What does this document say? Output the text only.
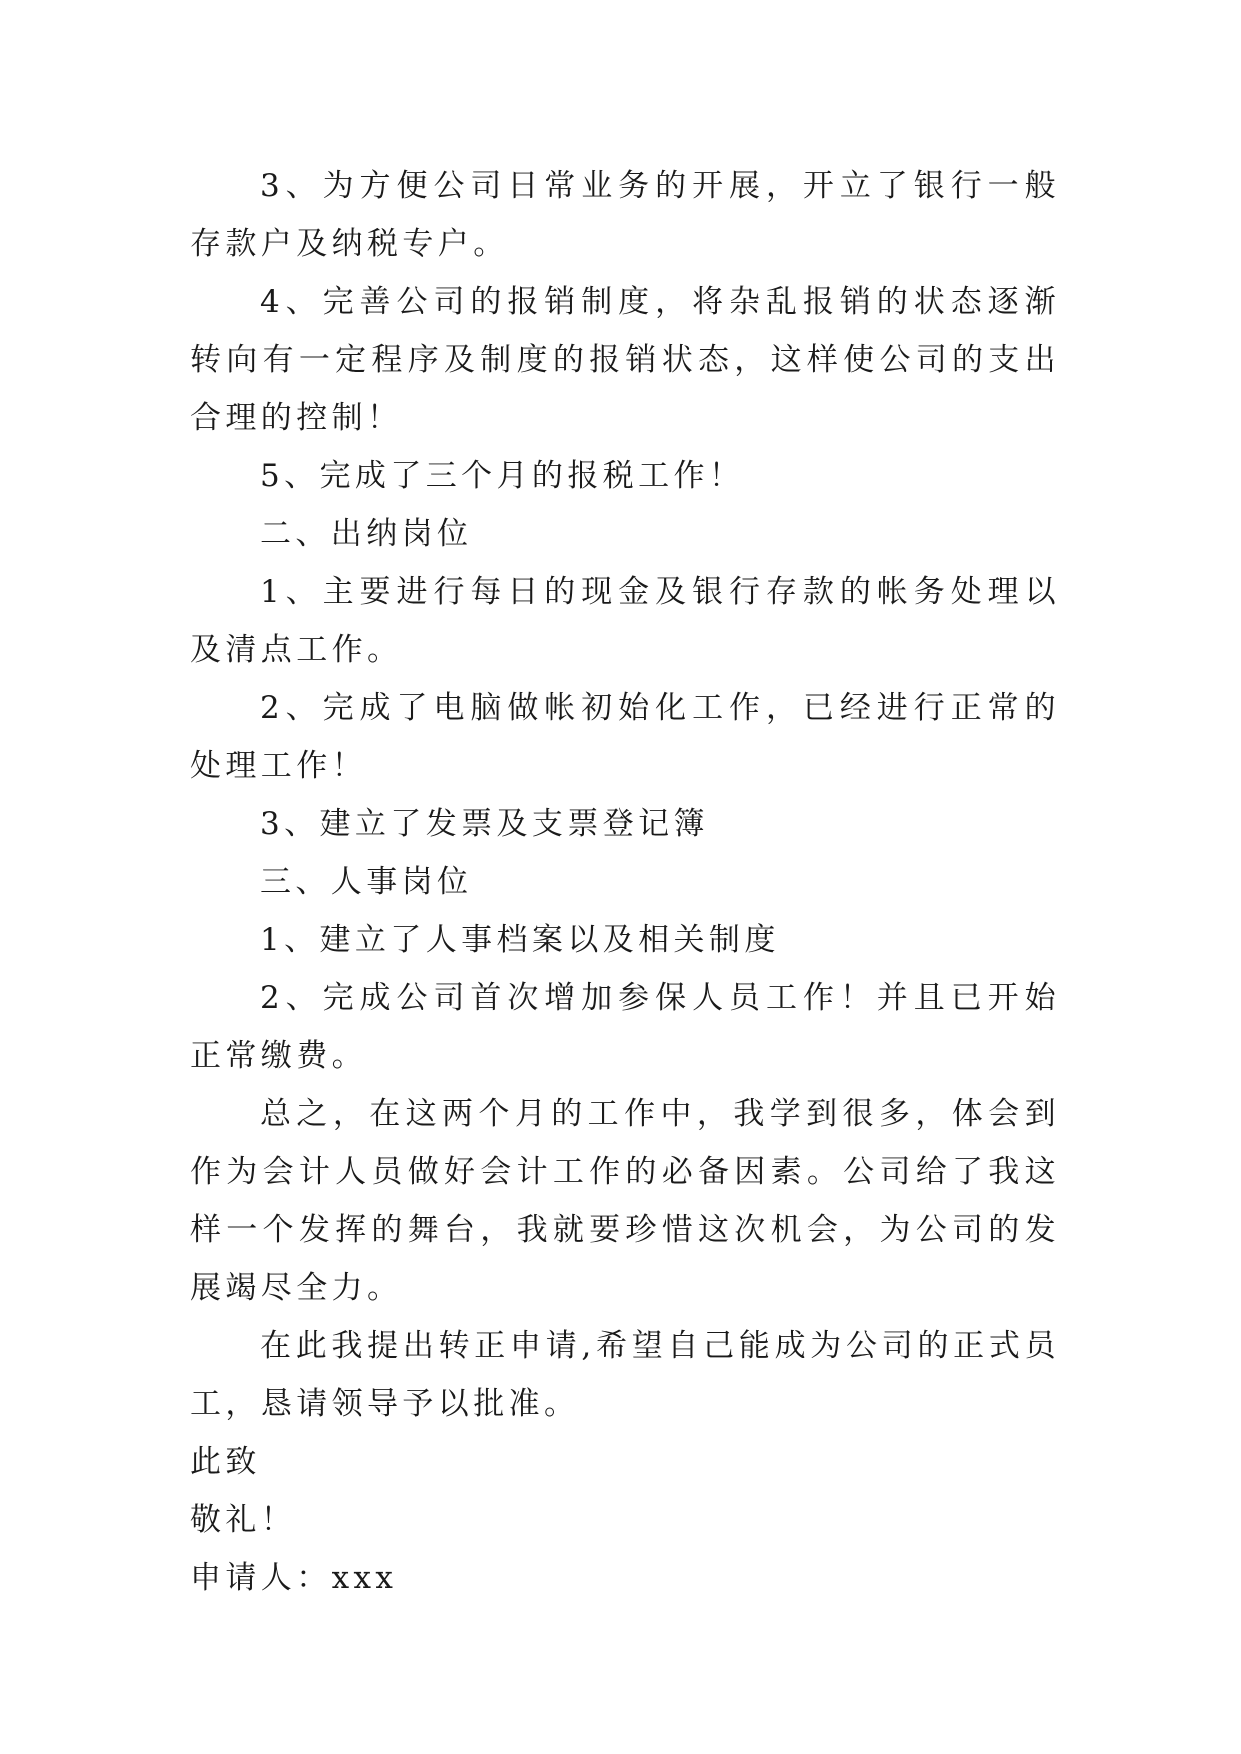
3、为方便公司日常业务的开展，开立了银行一般存款户及纳税专户。

4、完善公司的报销制度，将杂乱报销的状态逐渐转向有一定程序及制度的报销状态，这样使公司的支出合理的控制！

5、完成了三个月的报税工作！

二、出纳岗位

1、主要进行每日的现金及银行存款的帐务处理以及清点工作。

2、完成了电脑做帐初始化工作，已经进行正常的处理工作！

3、建立了发票及支票登记簿

三、人事岗位

1、建立了人事档案以及相关制度

2、完成公司首次增加参保人员工作！并且已开始正常缴费。

总之，在这两个月的工作中，我学到很多，体会到作为会计人员做好会计工作的必备因素。公司给了我这样一个发挥的舞台，我就要珍惜这次机会，为公司的发展竭尽全力。

在此我提出转正申请,希望自己能成为公司的正式员工，恳请领导予以批准。

此致

敬礼！

申请人：xxx
